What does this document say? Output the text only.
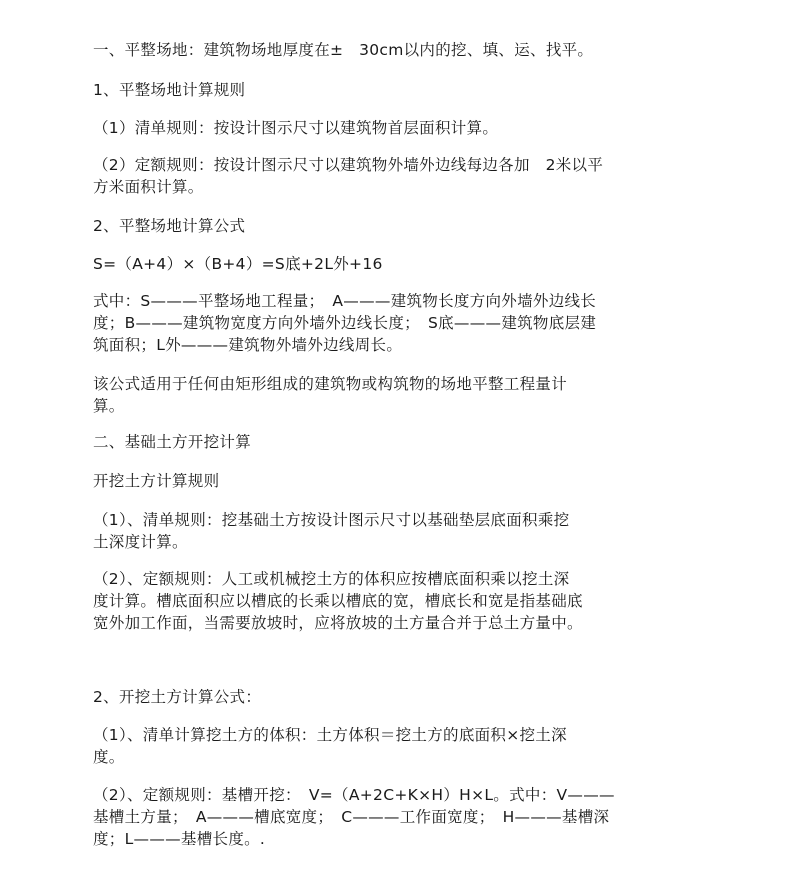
一、平整场地：建筑物场地厚度在±　30cm以内的挖、填、运、找平。
1、平整场地计算规则
（1）清单规则：按设计图示尺寸以建筑物首层面积计算。
（2）定额规则：按设计图示尺寸以建筑物外墙外边线每边各加　2米以平
方米面积计算。
2、平整场地计算公式
S=（A+4）×（B+4）=S底+2L外+16
式中：S———平整场地工程量；　A———建筑物长度方向外墙外边线长
度；B———建筑物宽度方向外墙外边线长度；　S底———建筑物底层建
筑面积；L外———建筑物外墙外边线周长。
该公式适用于任何由矩形组成的建筑物或构筑物的场地平整工程量计
算。
二、基础土方开挖计算
开挖土方计算规则
（1）、清单规则：挖基础土方按设计图示尺寸以基础垫层底面积乘挖
土深度计算。
（2）、定额规则：人工或机械挖土方的体积应按槽底面积乘以挖土深
度计算。槽底面积应以槽底的长乘以槽底的宽，槽底长和宽是指基础底
宽外加工作面，当需要放坡时，应将放坡的土方量合并于总土方量中。
2、开挖土方计算公式：
（1）、清单计算挖土方的体积：土方体积＝挖土方的底面积×挖土深
度。
（2）、定额规则：基槽开挖：　V=（A+2C+K×H）H×L。式中：V———
基槽土方量；　A———槽底宽度；　C———工作面宽度；　H———基槽深
度；L———基槽长度。.
